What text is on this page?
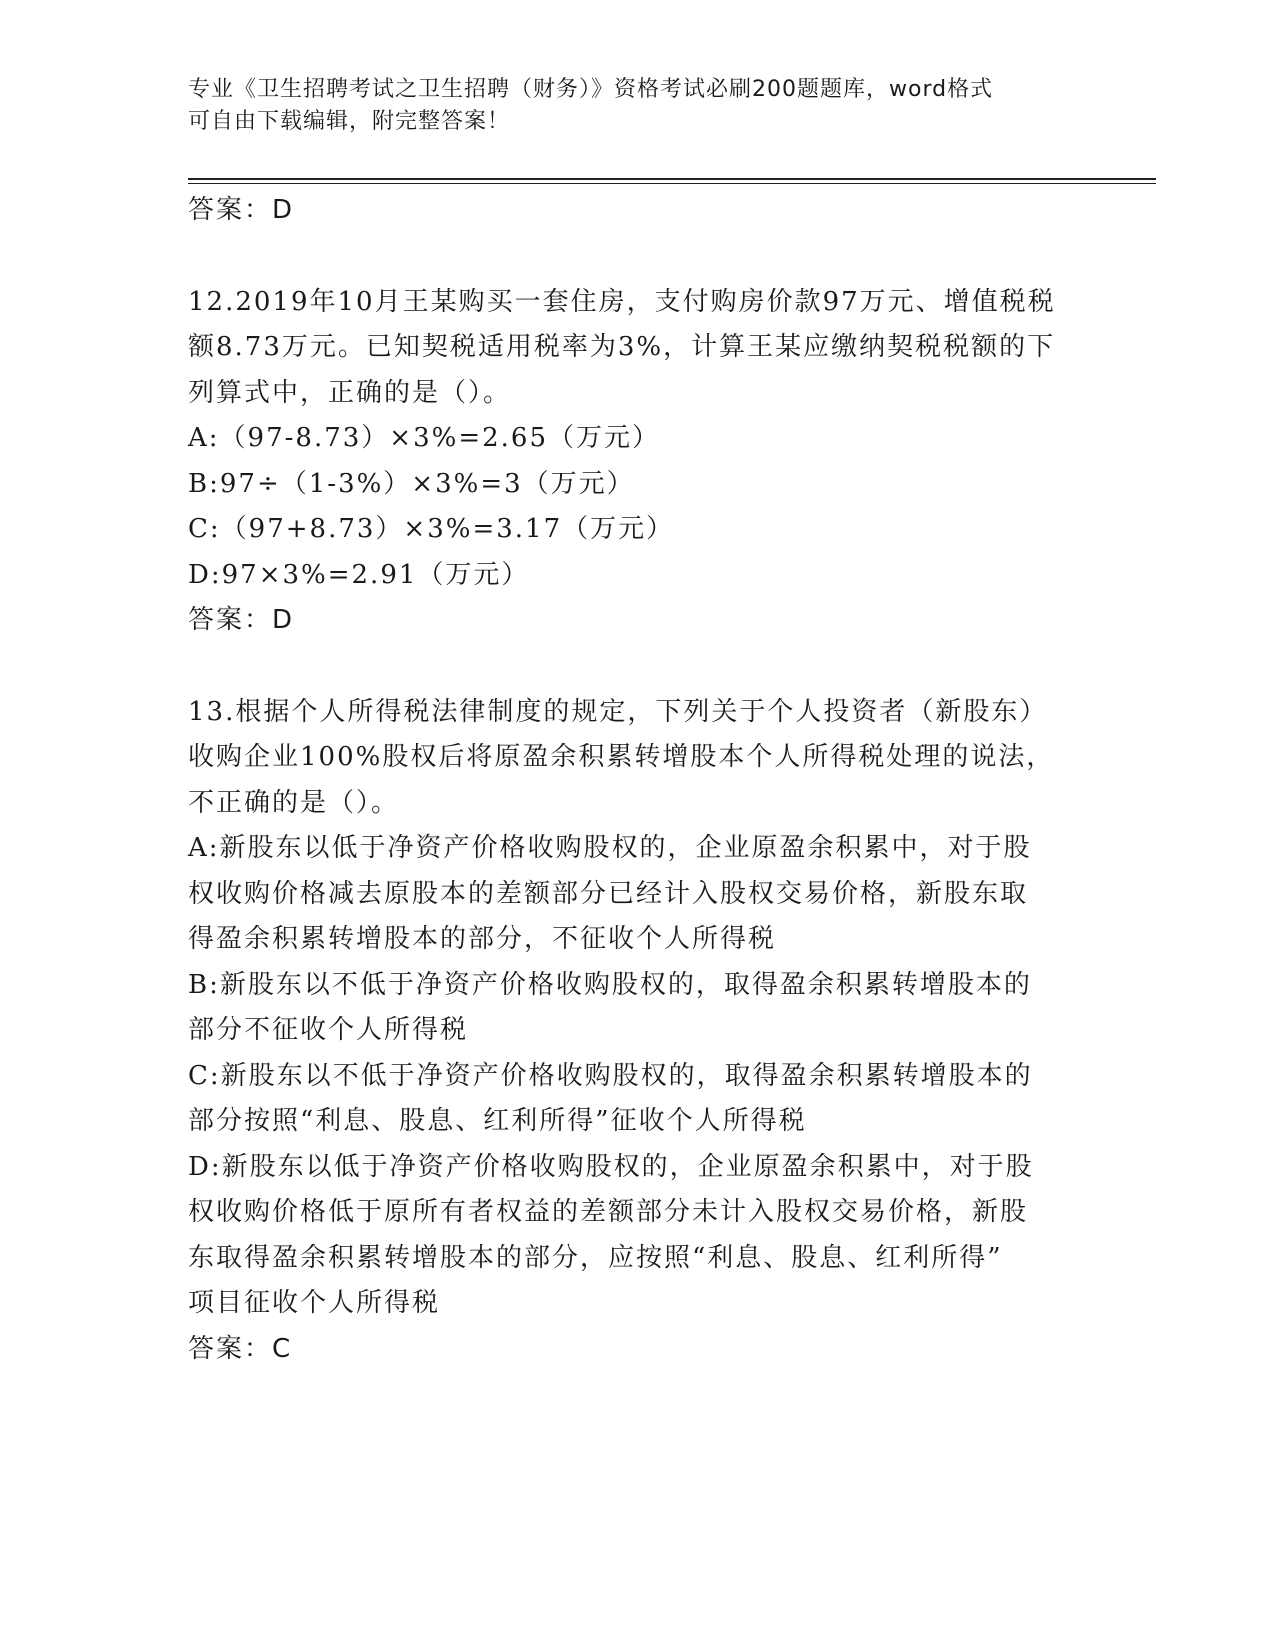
专业《卫生招聘考试之卫生招聘（财务）》资格考试必刷200题题库，word格式
可自由下载编辑，附完整答案！
答案：D
12.2019年10月王某购买一套住房，支付购房价款97万元、增值税税
额8.73万元。已知契税适用税率为3%，计算王某应缴纳契税税额的下
列算式中，正确的是（）。
A:（97-8.73）×3%=2.65（万元）
B:97÷（1-3%）×3%=3（万元）
C:（97+8.73）×3%=3.17（万元）
D:97×3%=2.91（万元）
答案：D
13.根据个人所得税法律制度的规定，下列关于个人投资者（新股东）
收购企业100%股权后将原盈余积累转增股本个人所得税处理的说法，
不正确的是（）。
A:新股东以低于净资产价格收购股权的，企业原盈余积累中，对于股
权收购价格减去原股本的差额部分已经计入股权交易价格，新股东取
得盈余积累转增股本的部分，不征收个人所得税
B:新股东以不低于净资产价格收购股权的，取得盈余积累转增股本的
部分不征收个人所得税
C:新股东以不低于净资产价格收购股权的，取得盈余积累转增股本的
部分按照“利息、股息、红利所得”征收个人所得税
D:新股东以低于净资产价格收购股权的，企业原盈余积累中，对于股
权收购价格低于原所有者权益的差额部分未计入股权交易价格，新股
东取得盈余积累转增股本的部分，应按照“利息、股息、红利所得”
项目征收个人所得税
答案：C
